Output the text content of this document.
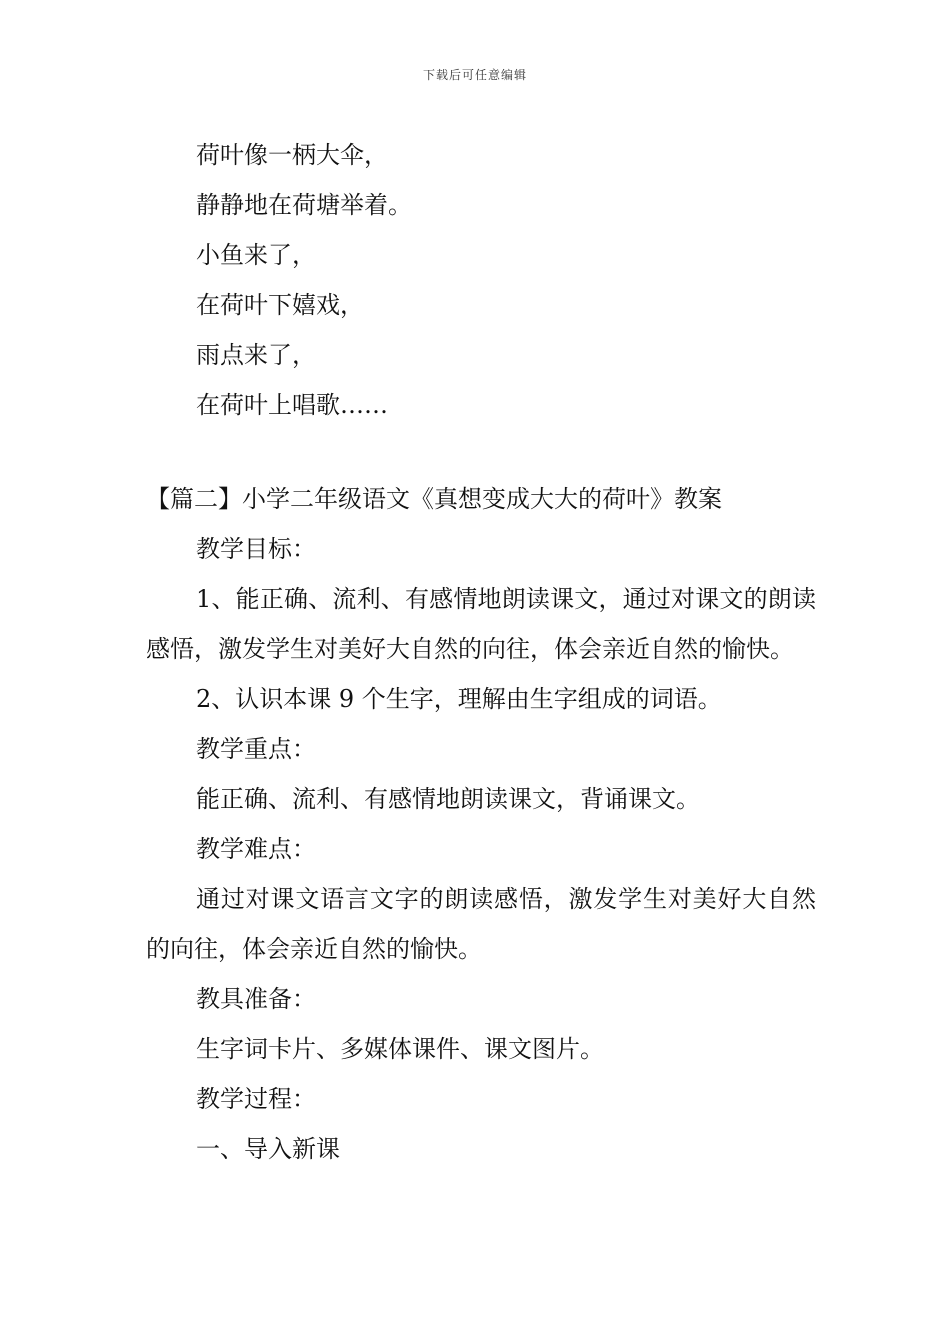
下载后可任意编辑
荷叶像一柄大伞，
静静地在荷塘举着。
小鱼来了，
在荷叶下嬉戏，
雨点来了，
在荷叶上唱歌……
【篇二】小学二年级语文《真想变成大大的荷叶》教案

教学目标：

1、能正确、流利、有感情地朗读课文，通过对课文的朗读感悟，激发学生对美好大自然的向往，体会亲近自然的愉快。

2、认识本课 9 个生字，理解由生字组成的词语。

教学重点：

能正确、流利、有感情地朗读课文，背诵课文。

教学难点：

通过对课文语言文字的朗读感悟，激发学生对美好大自然的向往，体会亲近自然的愉快。

教具准备：

生字词卡片、多媒体课件、课文图片。

教学过程：

一、导入新课
